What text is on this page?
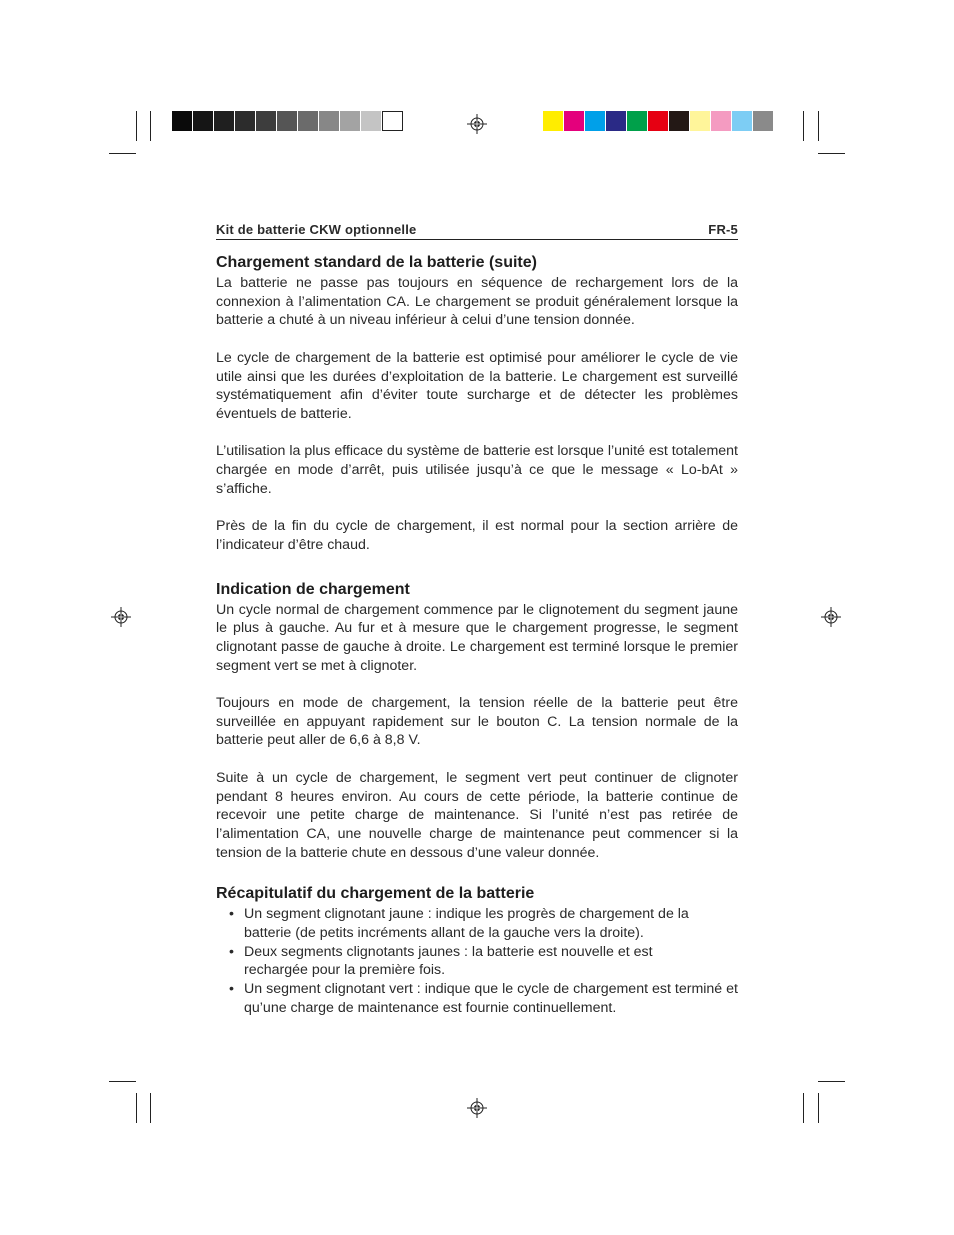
Kit de batterie CKW optionnelle	FR-5
Chargement standard de la batterie (suite)

La batterie ne passe pas toujours en séquence de rechargement lors de la connexion à l’alimentation CA. Le chargement se produit généralement lorsque la batterie a chuté à un niveau inférieur à celui d’une tension donnée.

Le cycle de chargement de la batterie est optimisé pour améliorer le cycle de vie utile ainsi que les durées d’exploitation de la batterie. Le chargement est surveillé systématiquement afin d’éviter toute surcharge et de détecter les problèmes éventuels de batterie.

L’utilisation la plus efficace du système de batterie est lorsque l’unité est totalement chargée en mode d’arrêt, puis utilisée jusqu’à ce que le message « Lo-bAt » s’affiche.

Près de la fin du cycle de chargement, il est normal pour la section arrière de l’indicateur d’être chaud.

Indication de chargement

Un cycle normal de chargement commence par le clignotement du segment jaune le plus à gauche. Au fur et à mesure que le chargement progresse, le segment clignotant passe de gauche à droite. Le chargement est terminé lorsque le premier segment vert se met à clignoter.

Toujours en mode de chargement, la tension réelle de la batterie peut être surveillée en appuyant rapidement sur le bouton C. La tension normale de la batterie peut aller de 6,6 à 8,8 V.

Suite à un cycle de chargement, le segment vert peut continuer de clignoter pendant 8 heures environ. Au cours de cette période, la batterie continue de recevoir une petite charge de maintenance. Si l’unité n’est pas retirée de l’alimentation CA, une nouvelle charge de maintenance peut commencer si la tension de la batterie chute en dessous d’une valeur donnée.

Récapitulatif du chargement de la batterie
• Un segment clignotant jaune : indique les progrès de chargement de la batterie (de petits incréments allant de la gauche vers la droite).
• Deux segments clignotants jaunes : la batterie est nouvelle et est rechargée pour la première fois.
• Un segment clignotant vert : indique que le cycle de chargement est terminé et qu’une charge de maintenance est fournie continuellement.
